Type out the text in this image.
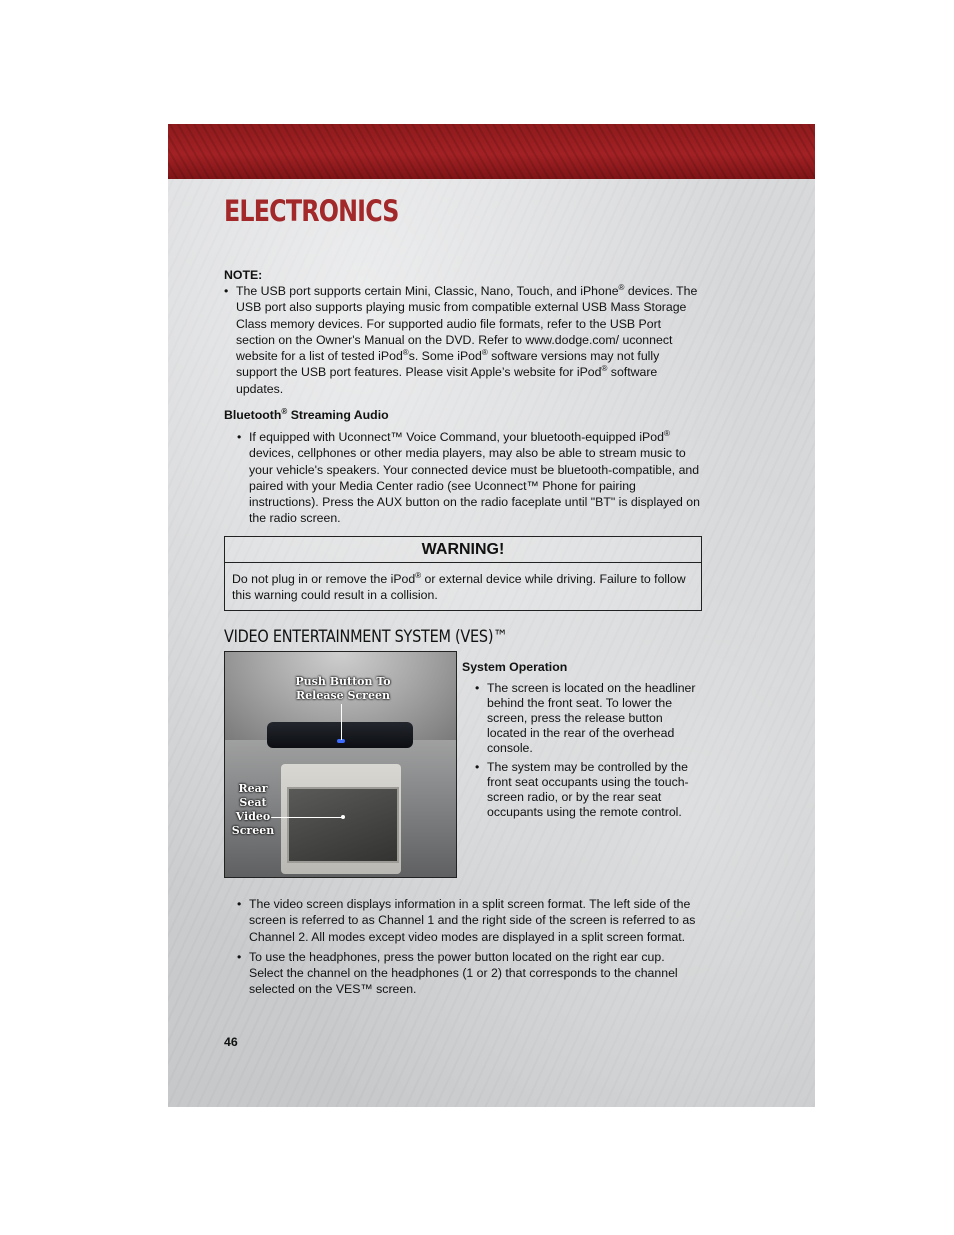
ELECTRONICS
NOTE:
• The USB port supports certain Mini, Classic, Nano, Touch, and iPhone® devices. The USB port also supports playing music from compatible external USB Mass Storage Class memory devices. For supported audio file formats, refer to the USB Port section on the Owner's Manual on the DVD. Refer to www.dodge.com/ uconnect website for a list of tested iPod®s. Some iPod® software versions may not fully support the USB port features. Please visit Apple’s website for iPod® software updates.
Bluetooth® Streaming Audio
• If equipped with Uconnect™ Voice Command, your bluetooth-equipped iPod® devices, cellphones or other media players, may also be able to stream music to your vehicle's speakers. Your connected device must be bluetooth-compatible, and paired with your Media Center radio (see Uconnect™ Phone for pairing instructions). Press the AUX button on the radio faceplate until "BT" is displayed on the radio screen.
WARNING!
Do not plug in or remove the iPod® or external device while driving. Failure to follow this warning could result in a collision.
VIDEO ENTERTAINMENT SYSTEM (VES)™
Push Button To Release Screen
Rear Seat Video Screen
System Operation
• The screen is located on the headliner behind the front seat. To lower the screen, press the release button located in the rear of the overhead console.
• The system may be controlled by the front seat occupants using the touch-screen radio, or by the rear seat occupants using the remote control.
• The video screen displays information in a split screen format. The left side of the screen is referred to as Channel 1 and the right side of the screen is referred to as Channel 2. All modes except video modes are displayed in a split screen format.
• To use the headphones, press the power button located on the right ear cup. Select the channel on the headphones (1 or 2) that corresponds to the channel selected on the VES™ screen.
46
